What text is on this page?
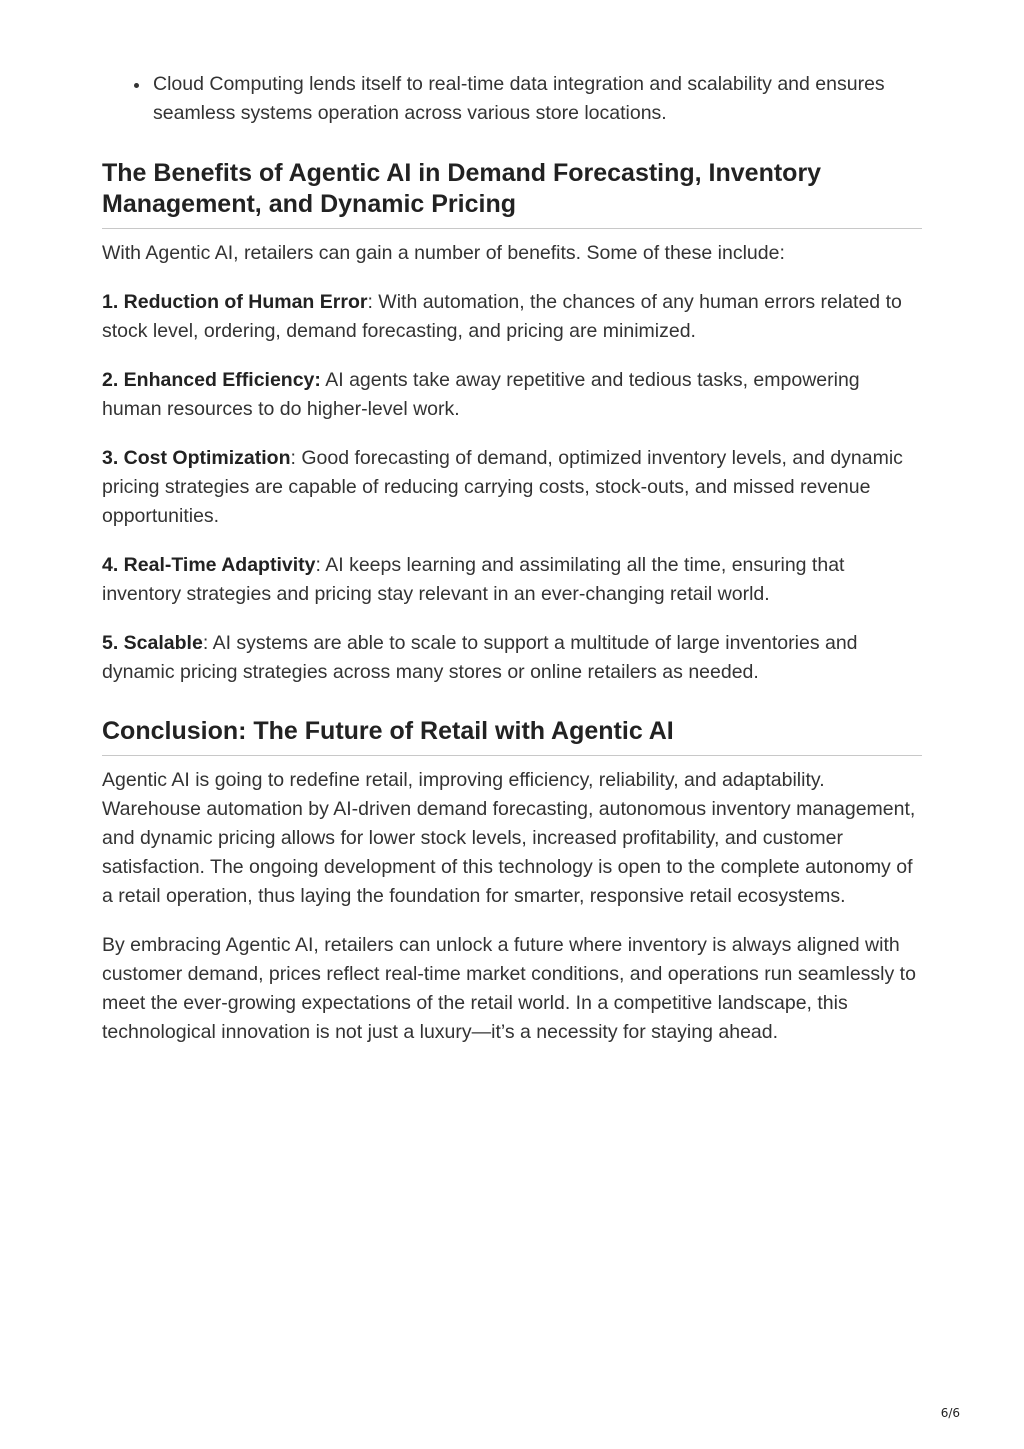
Cloud Computing lends itself to real-time data integration and scalability and ensures seamless systems operation across various store locations.
The Benefits of Agentic AI in Demand Forecasting, Inventory Management, and Dynamic Pricing

With Agentic AI, retailers can gain a number of benefits. Some of these include:

1. Reduction of Human Error: With automation, the chances of any human errors related to stock level, ordering, demand forecasting, and pricing are minimized.

2. Enhanced Efficiency: AI agents take away repetitive and tedious tasks, empowering human resources to do higher-level work.

3. Cost Optimization: Good forecasting of demand, optimized inventory levels, and dynamic pricing strategies are capable of reducing carrying costs, stock-outs, and missed revenue opportunities.

4. Real-Time Adaptivity: AI keeps learning and assimilating all the time, ensuring that inventory strategies and pricing stay relevant in an ever-changing retail world.

5. Scalable: AI systems are able to scale to support a multitude of large inventories and dynamic pricing strategies across many stores or online retailers as needed.

Conclusion: The Future of Retail with Agentic AI

Agentic AI is going to redefine retail, improving efficiency, reliability, and adaptability. Warehouse automation by AI-driven demand forecasting, autonomous inventory management, and dynamic pricing allows for lower stock levels, increased profitability, and customer satisfaction. The ongoing development of this technology is open to the complete autonomy of a retail operation, thus laying the foundation for smarter, responsive retail ecosystems.

By embracing Agentic AI, retailers can unlock a future where inventory is always aligned with customer demand, prices reflect real-time market conditions, and operations run seamlessly to meet the ever-growing expectations of the retail world. In a competitive landscape, this technological innovation is not just a luxury—it’s a necessity for staying ahead.

6/6
